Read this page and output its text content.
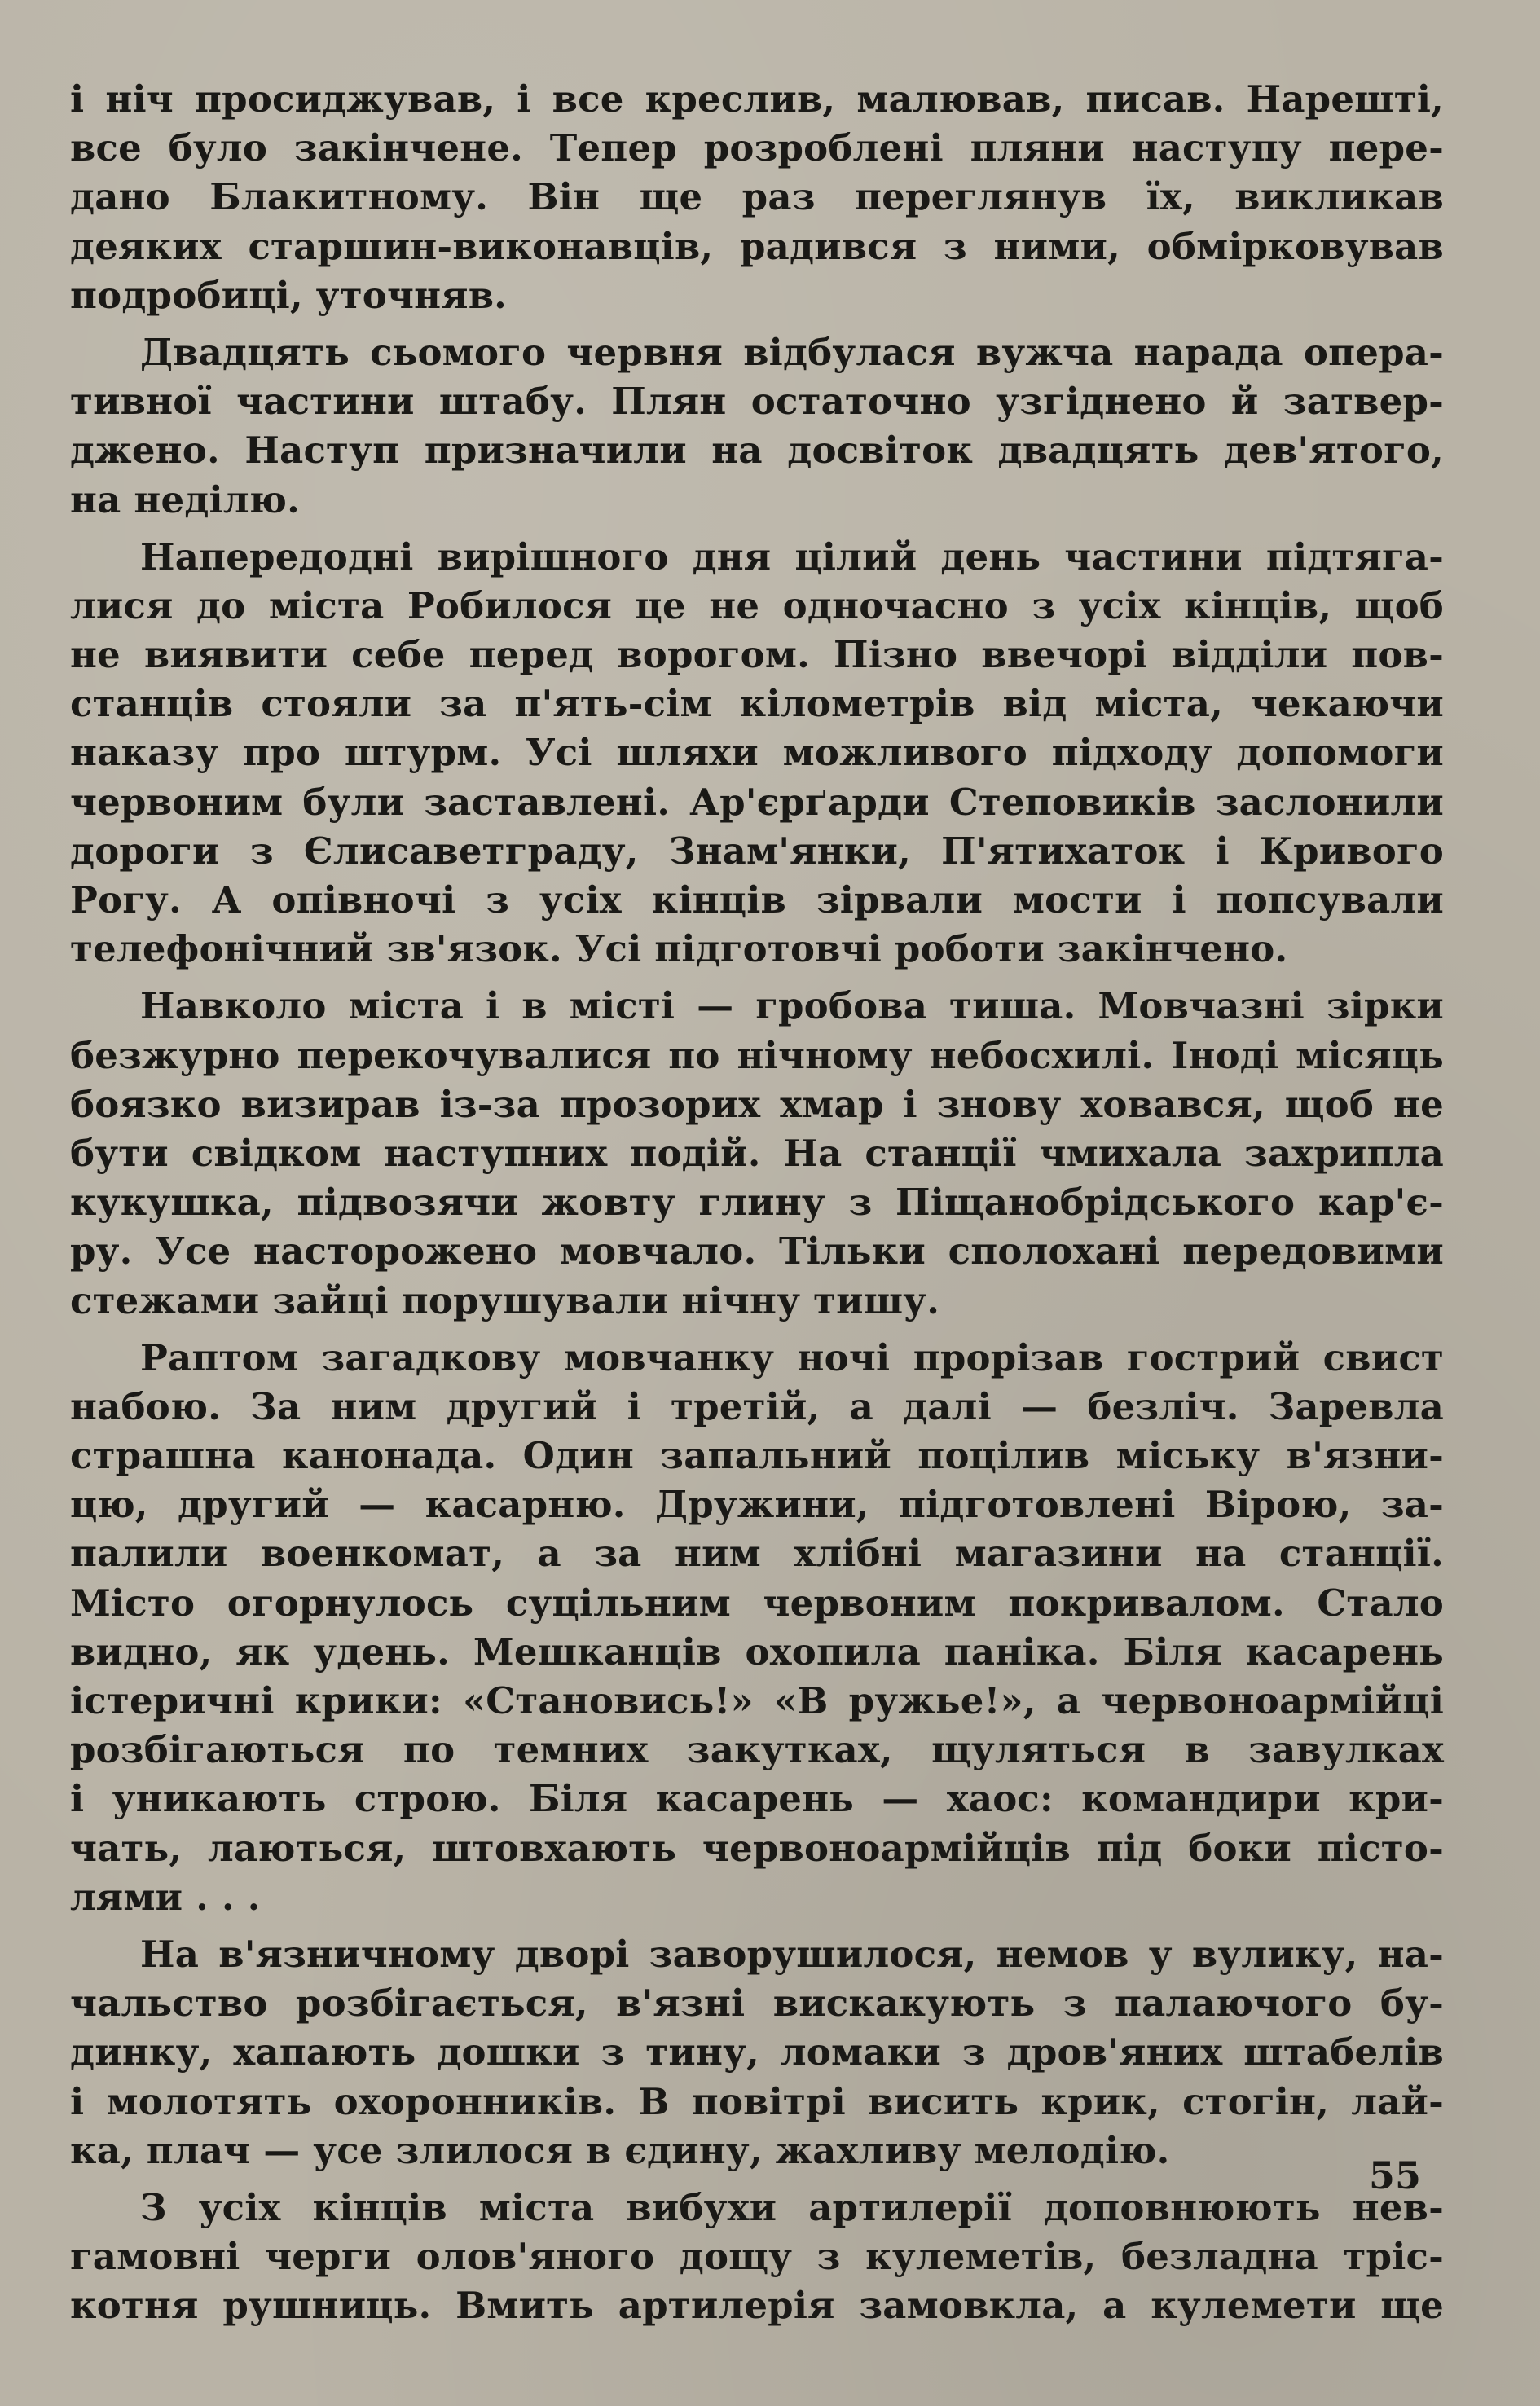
і ніч просиджував, і все креслив, малював, писав. Нарешті,
все було закінчене. Тепер розроблені пляни наступу пере-
дано Блакитному. Він ще раз переглянув їх, викликав
деяких старшин-виконавців, радився з ними, обмірковував
подробиці, уточняв.
Двадцять сьомого червня відбулася вужча нарада опера-
тивної частини штабу. Плян остаточно узгіднено й затвер-
джено. Наступ призначили на досвіток двадцять дев'ятого,
на неділю.
Напередодні вирішного дня цілий день частини підтяга-
лися до міста Робилося це не одночасно з усіх кінців, щоб
не виявити себе перед ворогом. Пізно ввечорі відділи пов-
станців стояли за п'ять-сім кілометрів від міста, чекаючи
наказу про штурм. Усі шляхи можливого підходу допомоги
червоним були заставлені. Ар'єрґарди Степовиків заслонили
дороги з Єлисаветграду, Знам'янки, П'ятихаток і Кривого
Рогу. А опівночі з усіх кінців зірвали мости і попсували
телефонічний зв'язок. Усі підготовчі роботи закінчено.
Навколо міста і в місті — гробова тиша. Мовчазні зірки
безжурно перекочувалися по нічному небосхилі. Іноді місяць
боязко визирав із-за прозорих хмар і знову ховався, щоб не
бути свідком наступних подій. На станції чмихала захрипла
кукушка, підвозячи жовту глину з Піщанобрідського кар'є-
ру. Усе насторожено мовчало. Тільки сполохані передовими
стежами зайці порушували нічну тишу.
Раптом загадкову мовчанку ночі прорізав гострий свист
набою. За ним другий і третій, а далі — безліч. Заревла
страшна канонада. Один запальний поцілив міську в'язни-
цю, другий — касарню. Дружини, підготовлені Вірою, за-
палили военкомат, а за ним хлібні магазини на станції.
Місто огорнулось суцільним червоним покривалом. Стало
видно, як удень. Мешканців охопила паніка. Біля касарень
істеричні крики: «Становись!» «В ружье!», а червоноармійці
розбігаються по темних закутках, щуляться в завулках
і уникають строю. Біля касарень — хаос: командири кри-
чать, лаються, штовхають червоноармійців під боки пісто-
лями . . .
На в'язничному дворі заворушилося, немов у вулику, на-
чальство розбігається, в'язні вискакують з палаючого бу-
динку, хапають дошки з тину, ломаки з дров'яних штабелів
і молотять охоронників. В повітрі висить крик, стогін, лай-
ка, плач — усе злилося в єдину, жахливу мелодію.
З усіх кінців міста вибухи артилерії доповнюють нев-
гамовні черги олов'яного дощу з кулеметів, безладна тріс-
котня рушниць. Вмить артилерія замовкла, а кулемети ще
55
